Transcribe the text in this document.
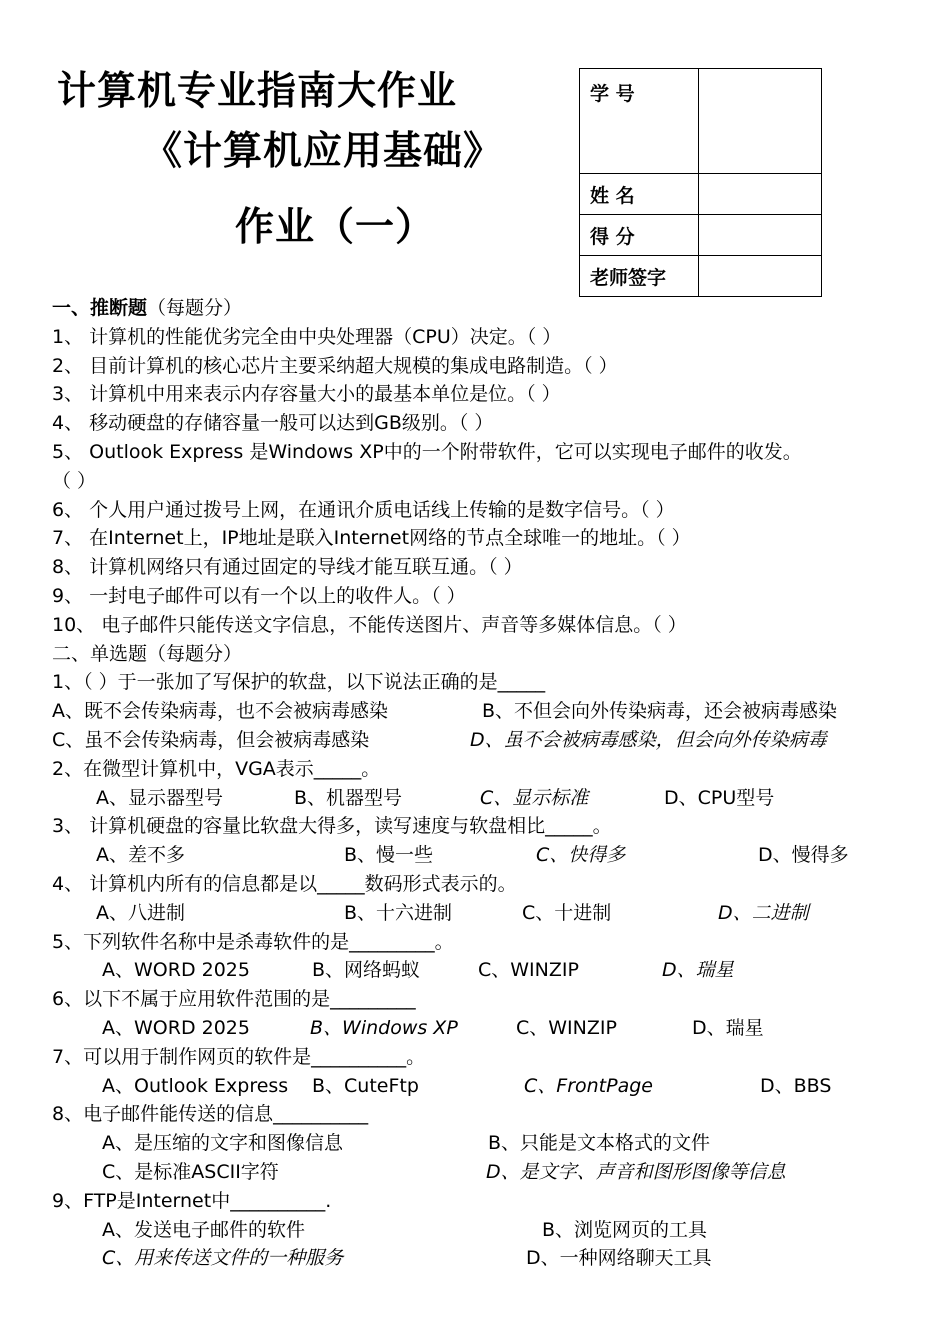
计算机专业指南大作业
《计算机应用基础》
作业（一）
学 号	
姓 名	
得 分	
老师签字	
一、推断题（每题分）
1、 计算机的性能优劣完全由中央处理器（CPU）决定。（ ）
2、 目前计算机的核心芯片主要采纳超大规模的集成电路制造。（ ）
3、 计算机中用来表示内存容量大小的最基本单位是位。（ ）
4、 移动硬盘的存储容量一般可以达到GB级别。（ ）
5、 Outlook Express 是Windows XP中的一个附带软件，它可以实现电子邮件的收发。
（ ）
6、 个人用户通过拨号上网，在通讯介质电话线上传输的是数字信号。（ ）
7、 在Internet上，IP地址是联入Internet网络的节点全球唯一的地址。（ ）
8、 计算机网络只有通过固定的导线才能互联互通。（ ）
9、 一封电子邮件可以有一个以上的收件人。（ ）
10、 电子邮件只能传送文字信息，不能传送图片、声音等多媒体信息。（ ）
二、单选题（每题分）
1、（ ）于一张加了写保护的软盘，以下说法正确的是_____
A、既不会传染病毒，也不会被病毒感染	B、不但会向外传染病毒，还会被病毒感染
C、虽不会传染病毒，但会被病毒感染	D、虽不会被病毒感染，但会向外传染病毒
2、在微型计算机中，VGA表示_____。
A、显示器型号	B、机器型号	C、显示标准	D、CPU型号
3、 计算机硬盘的容量比软盘大得多，读写速度与软盘相比_____。
A、差不多	B、慢一些	C、快得多	D、慢得多
4、 计算机内所有的信息都是以_____数码形式表示的。
A、八进制	B、十六进制	C、十进制	D、二进制
5、下列软件名称中是杀毒软件的是_________。
A、WORD 2025	B、网络蚂蚁	C、WINZIP	D、瑞星
6、以下不属于应用软件范围的是_________
A、WORD 2025	B、Windows XP	C、WINZIP	D、瑞星
7、可以用于制作网页的软件是__________。
A、Outlook Express B、CuteFtp	C、FrontPage	D、BBS
8、电子邮件能传送的信息__________
A、是压缩的文字和图像信息	B、只能是文本格式的文件
C、是标准ASCII字符	D、是文字、声音和图形图像等信息
9、FTP是Internet中__________.
A、发送电子邮件的软件	B、浏览网页的工具
C、用来传送文件的一种服务	D、一种网络聊天工具
